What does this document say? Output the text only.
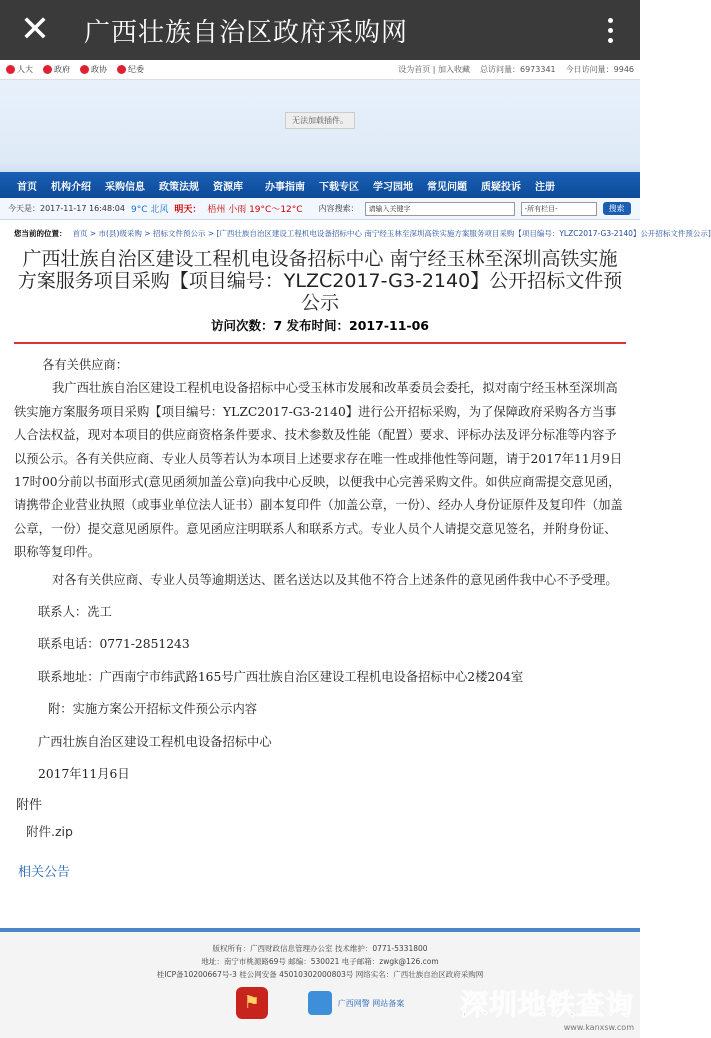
✕	广西壮族自治区政府采购网
人大	政府	政协	纪委	设为首页 | 加入收藏 总访问量：6973341 今日访问量：9946
无法加载插件。
首页	机构介绍	采购信息	政策法规	资源库	办事指南	下载专区	学习园地	常见问题	质疑投诉	注册
今天是：2017-11-17 16:48:04 9°C 北风 明天： 梧州 小雨 19°C～12°C 内容搜索：	请输入关键字	-所有栏目-	搜索
您当前的位置： 首页 > 市(县)级采购 > 招标文件预公示 > [广西壮族自治区建设工程机电设备招标中心 南宁经玉林至深圳高铁实施方案服务项目采购【项目编号：YLZC2017-G3-2140】公开招标文件预公示]
广西壮族自治区建设工程机电设备招标中心 南宁经玉林至深圳高铁实施方案服务项目采购【项目编号：YLZC2017-G3-2140】公开招标文件预公示
访问次数：7 发布时间：2017-11-06

各有关供应商：

我广西壮族自治区建设工程机电设备招标中心受玉林市发展和改革委员会委托，拟对南宁经玉林至深圳高铁实施方案服务项目采购【项目编号：YLZC2017-G3-2140】进行公开招标采购，为了保障政府采购各方当事人合法权益，现对本项目的供应商资格条件要求、技术参数及性能（配置）要求、评标办法及评分标准等内容予以预公示。各有关供应商、专业人员等若认为本项目上述要求存在唯一性或排他性等问题，请于2017年11月9日17时00分前以书面形式(意见函须加盖公章)向我中心反映，以便我中心完善采购文件。如供应商需提交意见函，请携带企业营业执照（或事业单位法人证书）副本复印件（加盖公章，一份）、经办人身份证原件及复印件（加盖公章，一份）提交意见函原件。意见函应注明联系人和联系方式。专业人员个人请提交意见签名，并附身份证、职称等复印件。

对各有关供应商、专业人员等逾期送达、匿名送达以及其他不符合上述条件的意见函件我中心不予受理。

联系人：冼工

联系电话：0771-2851243

联系地址：广西南宁市纬武路165号广西壮族自治区建设工程机电设备招标中心2楼204室

附：实施方案公开招标文件预公示内容

广西壮族自治区建设工程机电设备招标中心

2017年11月6日

附件
附件.zip
相关公告
版权所有：广西财政信息管理办公室 技术维护：0771-5331800
地址：南宁市桃源路69号 邮编：530021 电子邮箱：zwgk@126.com
桂ICP备10200667号-3 桂公网安备 45010302000803号 网络实名：广西壮族自治区政府采购网
⚑	广西网警 网站备案 深圳地铁查询
www.kanxsw.com
